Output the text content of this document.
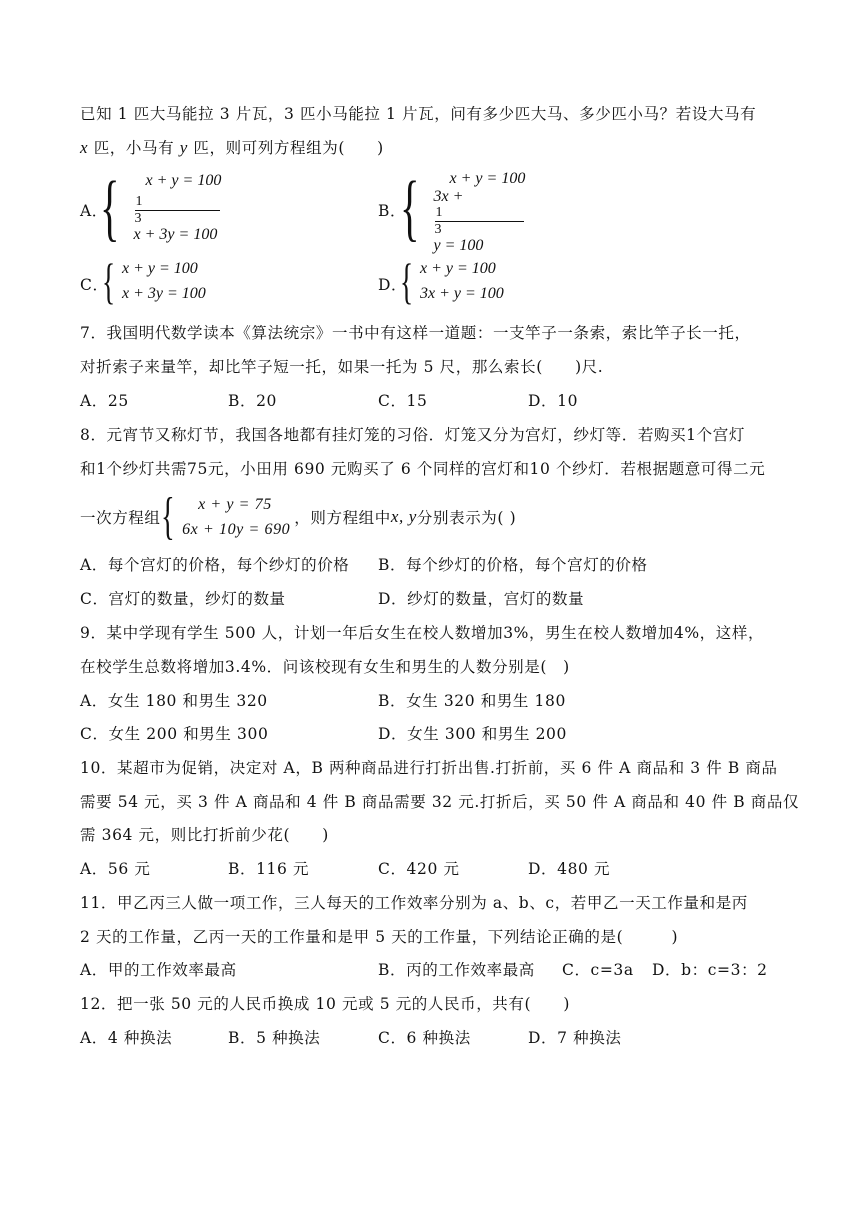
已知 1 匹大马能拉 3 片瓦，3 匹小马能拉 1 片瓦，问有多少匹大马、多少匹小马？若设大马有
x 匹，小马有 y 匹，则可列方程组为(　　)
A．
{ x + y = 100
1
3
x + 3y = 100
B．
{ x + y = 100
3x +
1
3
y = 100
C．
{ x + y = 100
x + 3y = 100	D．
{ x + y = 100
3x + y = 100
7．我国明代数学读本《算法统宗》一书中有这样一道题：一支竿子一条索，索比竿子长一托，
对折索子来量竿，却比竿子短一托，如果一托为 5 尺，那么索长(　　)尺.
A．25	B．20	C．15	D．10
8．元宵节又称灯节，我国各地都有挂灯笼的习俗．灯笼又分为宫灯，纱灯等．若购买1个宫灯
和1个纱灯共需75元，小田用 690 元购买了 6 个同样的宫灯和10 个纱灯．若根据题意可得二元
一次方程组 { x + y = 75
6x + 10y = 690
，则方程组中 x, y 分别表示为( )
A．每个宫灯的价格，每个纱灯的价格 B．每个纱灯的价格，每个宫灯的价格
C．宫灯的数量，纱灯的数量	D．纱灯的数量，宫灯的数量
9．某中学现有学生 500 人，计划一年后女生在校人数增加3%，男生在校人数增加4%，这样，
在校学生总数将增加3.4%．问该校现有女生和男生的人数分别是(　)
A．女生 180 和男生 320	B．女生 320 和男生 180
C．女生 200 和男生 300	D．女生 300 和男生 200
10．某超市为促销，决定对 A，B 两种商品进行打折出售.打折前，买 6 件 A 商品和 3 件 B 商品
需要 54 元，买 3 件 A 商品和 4 件 B 商品需要 32 元.打折后，买 50 件 A 商品和 40 件 B 商品仅
需 364 元，则比打折前少花(　　)
A．56 元	B．116 元	C．420 元	D．480 元
11．甲乙丙三人做一项工作，三人每天的工作效率分别为 a、b、c，若甲乙一天工作量和是丙
2 天的工作量，乙丙一天的工作量和是甲 5 天的工作量，下列结论正确的是(　　　)
A．甲的工作效率最高	B．丙的工作效率最高 C．c=3a D．b：c=3：2
12．把一张 50 元的人民币换成 10 元或 5 元的人民币，共有(　　)
A．4 种换法	B．5 种换法	C．6 种换法	D．7 种换法
